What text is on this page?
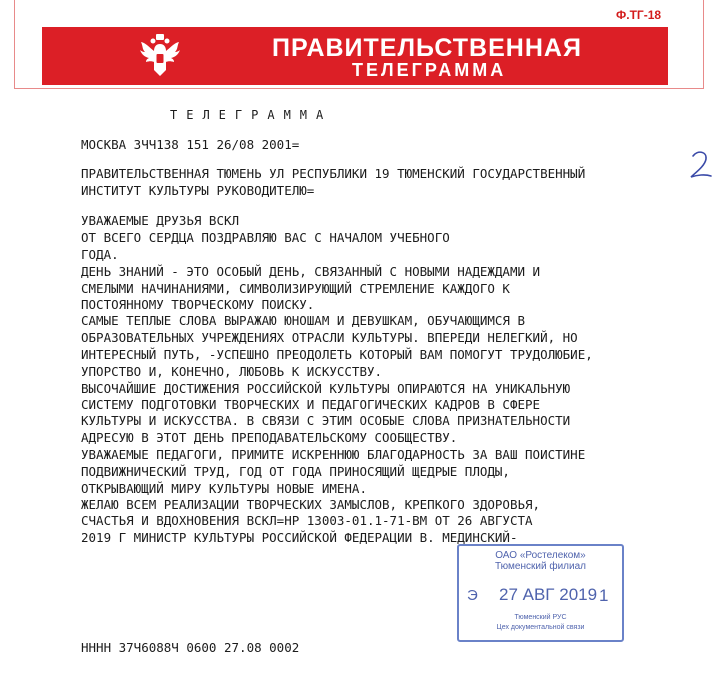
Ф.ТГ-18
ПРАВИТЕЛЬСТВЕННАЯ
ТЕЛЕГРАММА
ТЕЛЕГРАММА
МОСКВА 3ЧЧ138 151 26/08 2001=
ПРАВИТЕЛЬСТВЕННАЯ ТЮМЕНЬ УЛ РЕСПУБЛИКИ 19 ТЮМЕНСКИЙ ГОСУДАРСТВЕННЫЙ
ИНСТИТУТ КУЛЬТУРЫ РУКОВОДИТЕЛЮ=
УВАЖАЕМЫЕ ДРУЗЬЯ ВСКЛ
ОТ ВСЕГО СЕРДЦА ПОЗДРАВЛЯЮ ВАС С НАЧАЛОМ УЧЕБНОГО
ГОДА.
ДЕНЬ ЗНАНИЙ - ЭТО ОСОБЫЙ ДЕНЬ, СВЯЗАННЫЙ С НОВЫМИ НАДЕЖДАМИ И
СМЕЛЫМИ НАЧИНАНИЯМИ, СИМВОЛИЗИРУЮЩИЙ СТРЕМЛЕНИЕ КАЖДОГО К
ПОСТОЯННОМУ ТВОРЧЕСКОМУ ПОИСКУ.
САМЫЕ ТЕПЛЫЕ СЛОВА ВЫРАЖАЮ ЮНОШАМ И ДЕВУШКАМ, ОБУЧАЮЩИМСЯ В
ОБРАЗОВАТЕЛЬНЫХ УЧРЕЖДЕНИЯХ ОТРАСЛИ КУЛЬТУРЫ. ВПЕРЕДИ НЕЛЕГКИЙ, НО
ИНТЕРЕСНЫЙ ПУТЬ, -УСПЕШНО ПРЕОДОЛЕТЬ КОТОРЫЙ ВАМ ПОМОГУТ ТРУДОЛЮБИЕ,
УПОРСТВО И, КОНЕЧНО, ЛЮБОВЬ К ИСКУССТВУ.
ВЫСОЧАЙШИЕ ДОСТИЖЕНИЯ РОССИЙСКОЙ КУЛЬТУРЫ ОПИРАЮТСЯ НА УНИКАЛЬНУЮ
СИСТЕМУ ПОДГОТОВКИ ТВОРЧЕСКИХ И ПЕДАГОГИЧЕСКИХ КАДРОВ В СФЕРЕ
КУЛЬТУРЫ И ИСКУССТВА. В СВЯЗИ С ЭТИМ ОСОБЫЕ СЛОВА ПРИЗНАТЕЛЬНОСТИ
АДРЕСУЮ В ЭТОТ ДЕНЬ ПРЕПОДАВАТЕЛЬСКОМУ СООБЩЕСТВУ.
УВАЖАЕМЫЕ ПЕДАГОГИ, ПРИМИТЕ ИСКРЕННЮЮ БЛАГОДАРНОСТЬ ЗА ВАШ ПОИСТИНЕ
ПОДВИЖНИЧЕСКИЙ ТРУД, ГОД ОТ ГОДА ПРИНОСЯЩИЙ ЩЕДРЫЕ ПЛОДЫ,
ОТКРЫВАЮЩИЙ МИРУ КУЛЬТУРЫ НОВЫЕ ИМЕНА.
ЖЕЛАЮ ВСЕМ РЕАЛИЗАЦИИ ТВОРЧЕСКИХ ЗАМЫСЛОВ, КРЕПКОГО ЗДОРОВЬЯ,
СЧАСТЬЯ И ВДОХНОВЕНИЯ ВСКЛ=НР 13003-01.1-71-ВМ ОТ 26 АВГУСТА
2019 Г МИНИСТР КУЛЬТУРЫ РОССИЙСКОЙ ФЕДЕРАЦИИ В. МЕДИНСКИЙ-
ОАО «Ростелеком»
Тюменский филиал
Э 27 АВГ 2019 1
Тюменский РУС
Цех документальной связи
НННН 37Ч6088Ч 0600 27.08 0002
